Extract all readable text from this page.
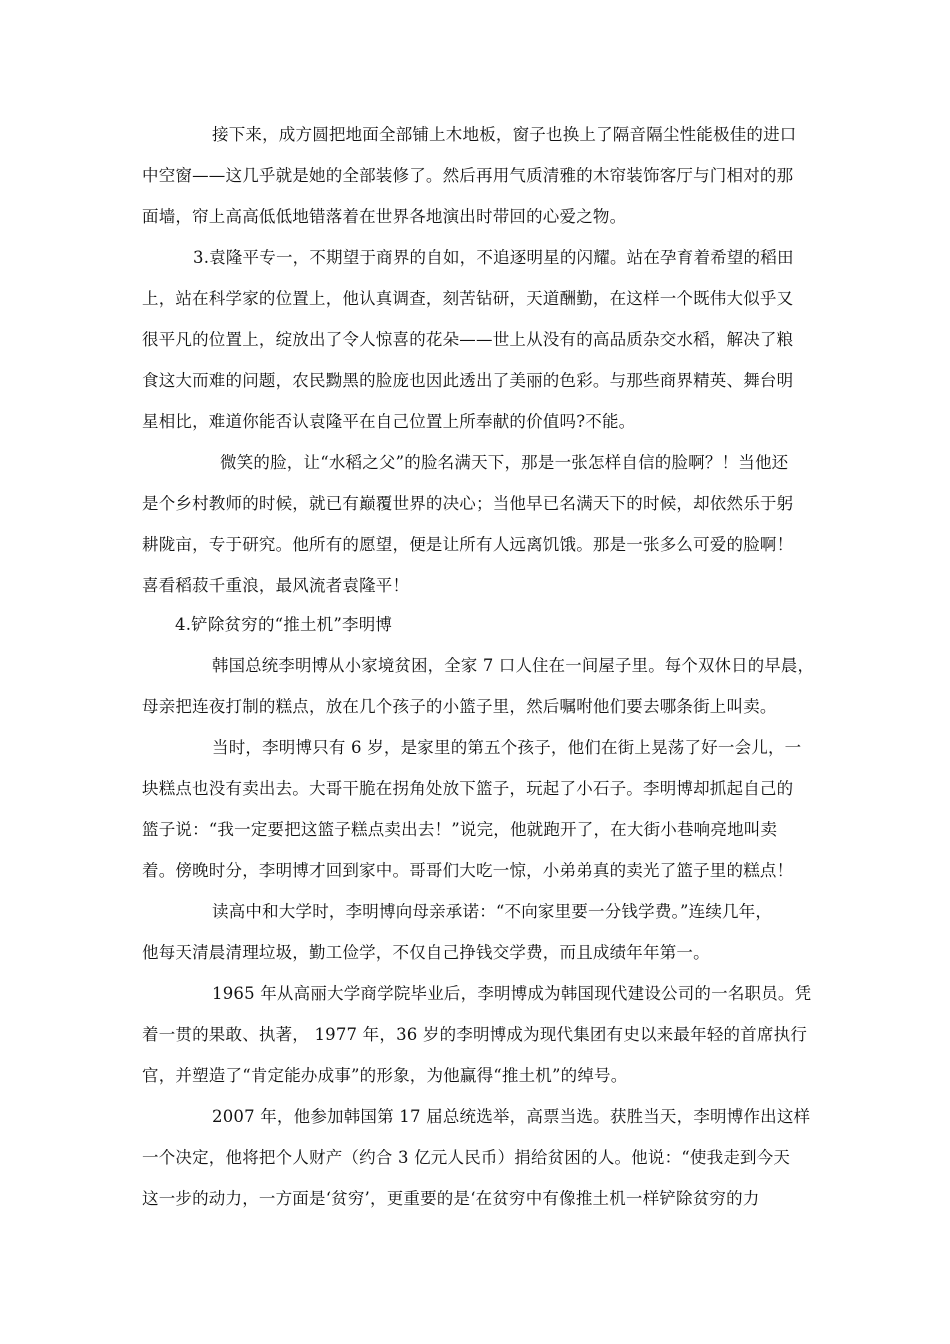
接下来，成方圆把地面全部铺上木地板，窗子也换上了隔音隔尘性能极佳的进口
中空窗——这几乎就是她的全部装修了。然后再用气质清雅的木帘装饰客厅与门相对的那
面墙，帘上高高低低地错落着在世界各地演出时带回的心爱之物。
3.袁隆平专一，不期望于商界的自如，不追逐明星的闪耀。站在孕育着希望的稻田
上，站在科学家的位置上，他认真调查，刻苦钻研，天道酬勤，在这样一个既伟大似乎又
很平凡的位置上，绽放出了令人惊喜的花朵——世上从没有的高品质杂交水稻，解决了粮
食这大而难的问题，农民黝黑的脸庞也因此透出了美丽的色彩。与那些商界精英、舞台明
星相比，难道你能否认袁隆平在自己位置上所奉献的价值吗?不能。
微笑的脸，让“水稻之父”的脸名满天下，那是一张怎样自信的脸啊？！当他还
是个乡村教师的时候，就已有巅覆世界的决心；当他早已名满天下的时候，却依然乐于躬
耕陇亩，专于研究。他所有的愿望，便是让所有人远离饥饿。那是一张多么可爱的脸啊！
喜看稻菽千重浪，最风流者袁隆平！
4.铲除贫穷的“推土机”李明博
韩国总统李明博从小家境贫困，全家 7 口人住在一间屋子里。每个双休日的早晨，
母亲把连夜打制的糕点，放在几个孩子的小篮子里，然后嘱咐他们要去哪条街上叫卖。
当时，李明博只有 6 岁，是家里的第五个孩子，他们在街上晃荡了好一会儿，一
块糕点也没有卖出去。大哥干脆在拐角处放下篮子，玩起了小石子。李明博却抓起自己的
篮子说：“我一定要把这篮子糕点卖出去！”说完，他就跑开了，在大街小巷响亮地叫卖
着。傍晚时分，李明博才回到家中。哥哥们大吃一惊，小弟弟真的卖光了篮子里的糕点！
读高中和大学时，李明博向母亲承诺：“不向家里要一分钱学费。”连续几年，
他每天清晨清理垃圾，勤工俭学，不仅自己挣钱交学费，而且成绩年年第一。
1965 年从高丽大学商学院毕业后，李明博成为韩国现代建设公司的一名职员。凭
着一贯的果敢、执著， 1977 年，36 岁的李明博成为现代集团有史以来最年轻的首席执行
官，并塑造了“肯定能办成事”的形象，为他赢得“推土机”的绰号。
2007 年，他参加韩国第 17 届总统选举，高票当选。获胜当天，李明博作出这样
一个决定，他将把个人财产（约合 3 亿元人民币）捐给贫困的人。他说：“使我走到今天
这一步的动力，一方面是‘贫穷’，更重要的是‘在贫穷中有像推土机一样铲除贫穷的力
